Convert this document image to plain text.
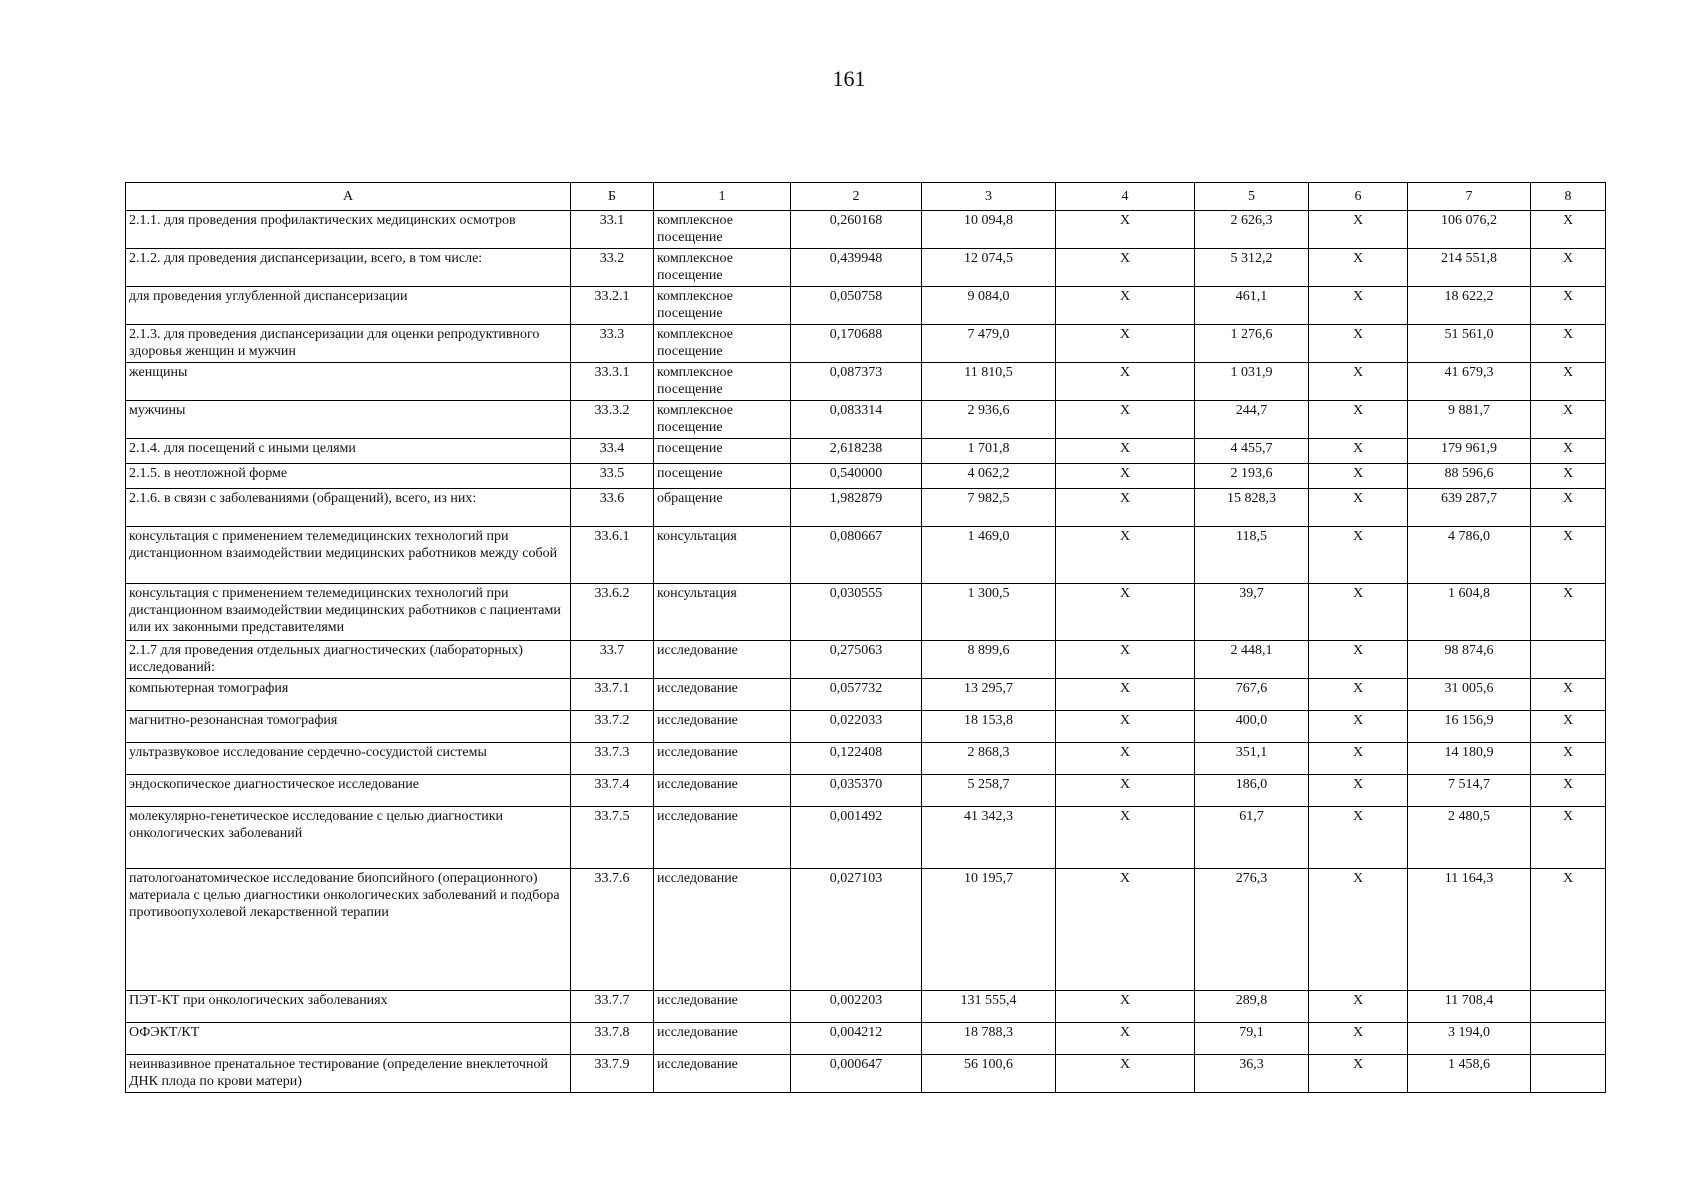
161
А	Б	1	2	3	4	5	6	7	8
2.1.1. для проведения профилактических медицинских осмотров	33.1	комплексное посещение	0,260168	10 094,8	X	2 626,3	X	106 076,2	X
2.1.2. для проведения диспансеризации, всего, в том числе:	33.2	комплексное посещение	0,439948	12 074,5	X	5 312,2	X	214 551,8	X
для проведения углубленной диспансеризации	33.2.1	комплексное посещение	0,050758	9 084,0	X	461,1	X	18 622,2	X
2.1.3. для проведения диспансеризации для оценки репродуктивного здоровья женщин и мужчин	33.3	комплексное посещение	0,170688	7 479,0	X	1 276,6	X	51 561,0	X
женщины	33.3.1	комплексное посещение	0,087373	11 810,5	X	1 031,9	X	41 679,3	X
мужчины	33.3.2	комплексное посещение	0,083314	2 936,6	X	244,7	X	9 881,7	X
2.1.4. для посещений с иными целями	33.4	посещение	2,618238	1 701,8	X	4 455,7	X	179 961,9	X
2.1.5. в неотложной форме	33.5	посещение	0,540000	4 062,2	X	2 193,6	X	88 596,6	X
2.1.6. в связи с заболеваниями (обращений), всего, из них:	33.6	обращение	1,982879	7 982,5	X	15 828,3	X	639 287,7	X
консультация с применением телемедицинских технологий при дистанционном взаимодействии медицинских работников между собой	33.6.1	консультация	0,080667	1 469,0	X	118,5	X	4 786,0	X
консультация с применением телемедицинских технологий при дистанционном взаимодействии медицинских работников с пациентами или их законными представителями	33.6.2	консультация	0,030555	1 300,5	X	39,7	X	1 604,8	X
2.1.7 для проведения отдельных диагностических (лабораторных) исследований:	33.7	исследование	0,275063	8 899,6	X	2 448,1	X	98 874,6	
компьютерная томография	33.7.1	исследование	0,057732	13 295,7	X	767,6	X	31 005,6	X
магнитно-резонансная томография	33.7.2	исследование	0,022033	18 153,8	X	400,0	X	16 156,9	X
ультразвуковое исследование сердечно-сосудистой системы	33.7.3	исследование	0,122408	2 868,3	X	351,1	X	14 180,9	X
эндоскопическое диагностическое исследование	33.7.4	исследование	0,035370	5 258,7	X	186,0	X	7 514,7	X
молекулярно-генетическое исследование с целью диагностики онкологических заболеваний	33.7.5	исследование	0,001492	41 342,3	X	61,7	X	2 480,5	X
патологоанатомическое исследование биопсийного (операционного) материала с целью диагностики онкологических заболеваний и подбора противоопухолевой лекарственной терапии	33.7.6	исследование	0,027103	10 195,7	X	276,3	X	11 164,3	X
ПЭТ-КТ при онкологических заболеваниях	33.7.7	исследование	0,002203	131 555,4	X	289,8	X	11 708,4	
ОФЭКТ/КТ	33.7.8	исследование	0,004212	18 788,3	X	79,1	X	3 194,0	
неинвазивное пренатальное тестирование (определение внеклеточной ДНК плода по крови матери)	33.7.9	исследование	0,000647	56 100,6	X	36,3	X	1 458,6	
